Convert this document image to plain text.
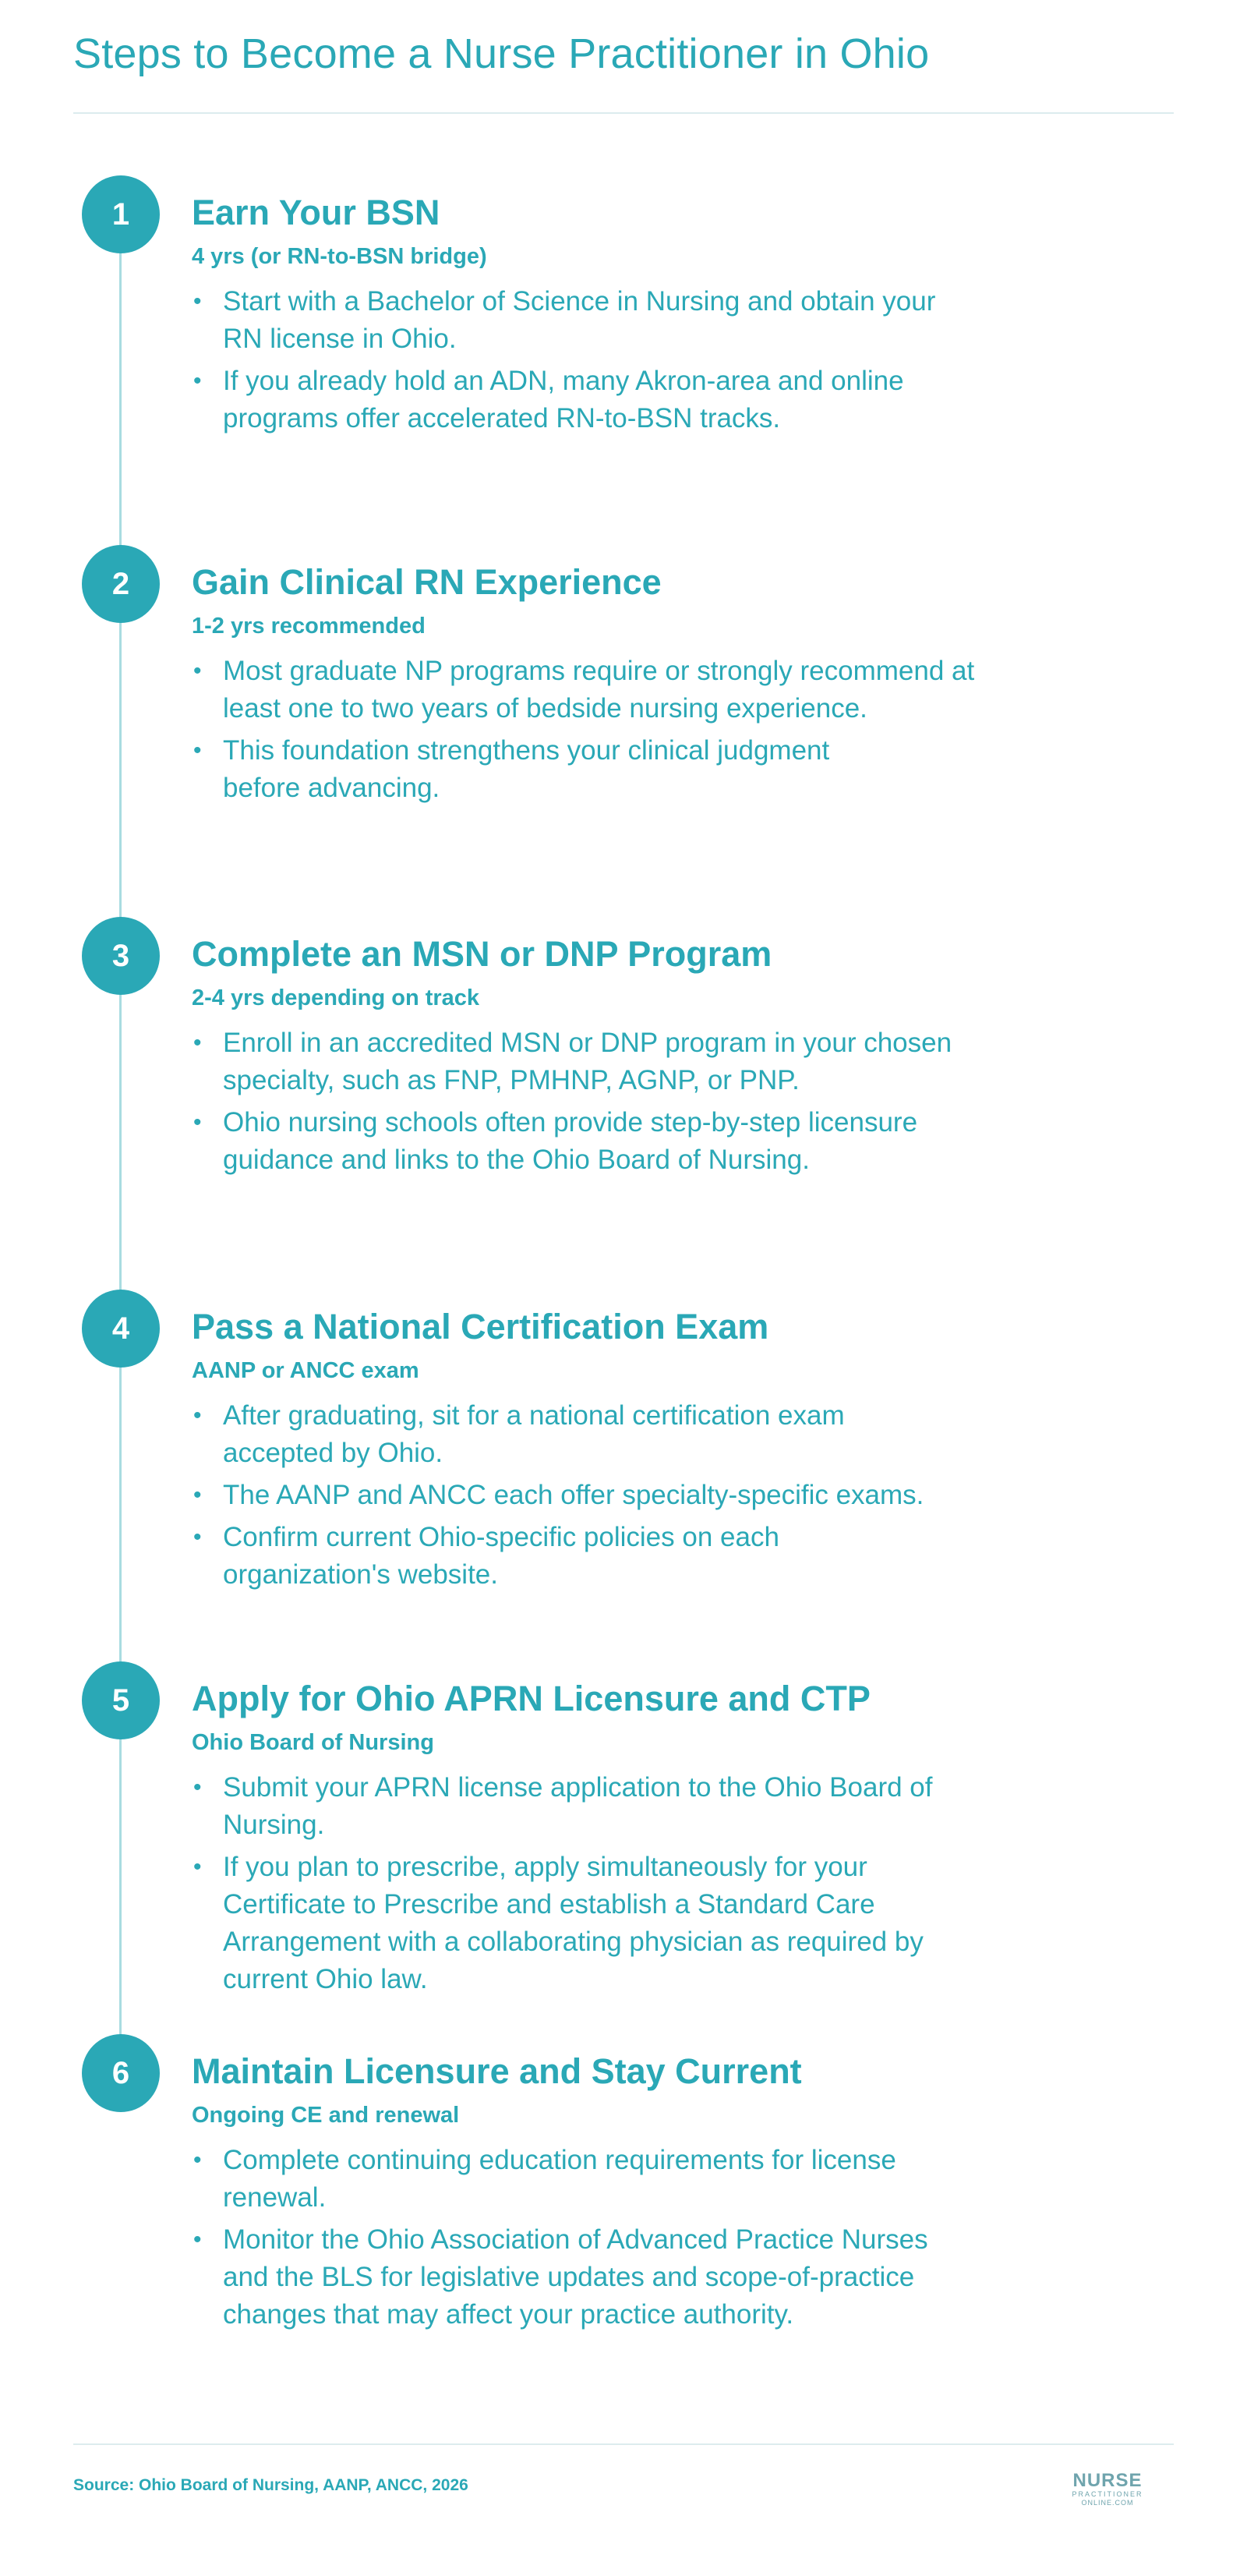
Steps to Become a Nurse Practitioner in Ohio
1	Earn Your BSN
4 yrs (or RN-to-BSN bridge)
• Start with a Bachelor of Science in Nursing and obtain your RN license in Ohio.
• If you already hold an ADN, many Akron-area and online programs offer accelerated RN-to-BSN tracks.
2	Gain Clinical RN Experience
1-2 yrs recommended
• Most graduate NP programs require or strongly recommend at least one to two years of bedside nursing experience.
• This foundation strengthens your clinical judgment before advancing.
3	Complete an MSN or DNP Program
2-4 yrs depending on track
• Enroll in an accredited MSN or DNP program in your chosen specialty, such as FNP, PMHNP, AGNP, or PNP.
• Ohio nursing schools often provide step-by-step licensure guidance and links to the Ohio Board of Nursing.
4	Pass a National Certification Exam
AANP or ANCC exam
• After graduating, sit for a national certification exam accepted by Ohio.
• The AANP and ANCC each offer specialty-specific exams.
• Confirm current Ohio-specific policies on each organization's website.
5	Apply for Ohio APRN Licensure and CTP
Ohio Board of Nursing
• Submit your APRN license application to the Ohio Board of Nursing.
• If you plan to prescribe, apply simultaneously for your Certificate to Prescribe and establish a Standard Care Arrangement with a collaborating physician as required by current Ohio law.
6	Maintain Licensure and Stay Current
Ongoing CE and renewal
• Complete continuing education requirements for license renewal.
• Monitor the Ohio Association of Advanced Practice Nurses and the BLS for legislative updates and scope-of-practice changes that may affect your practice authority.
Source: Ohio Board of Nursing, AANP, ANCC, 2026	NURSE
PRACTITIONER
ONLINE.COM
